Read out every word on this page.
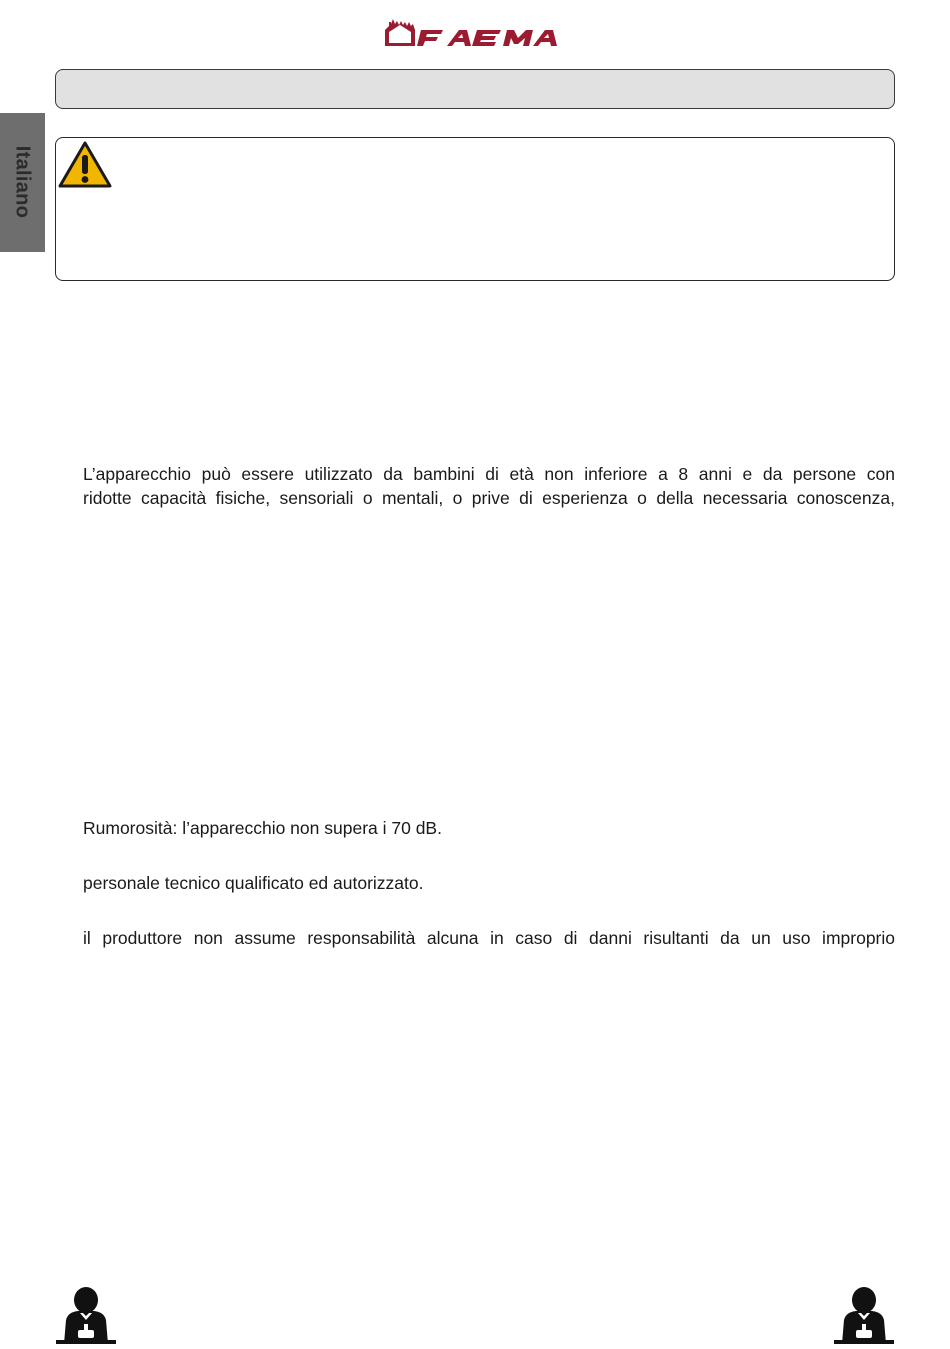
Italiano
L’apparecchio può essere utilizzato da bambini di età non inferiore a 8 anni e da persone con
ridotte capacità fisiche, sensoriali o mentali, o prive di esperienza o della necessaria conoscenza,
Rumorosità: l’apparecchio non supera i 70 dB.
personale tecnico qualificato ed autorizzato.
il produttore non assume responsabilità alcuna in caso di danni risultanti da un uso improprio
